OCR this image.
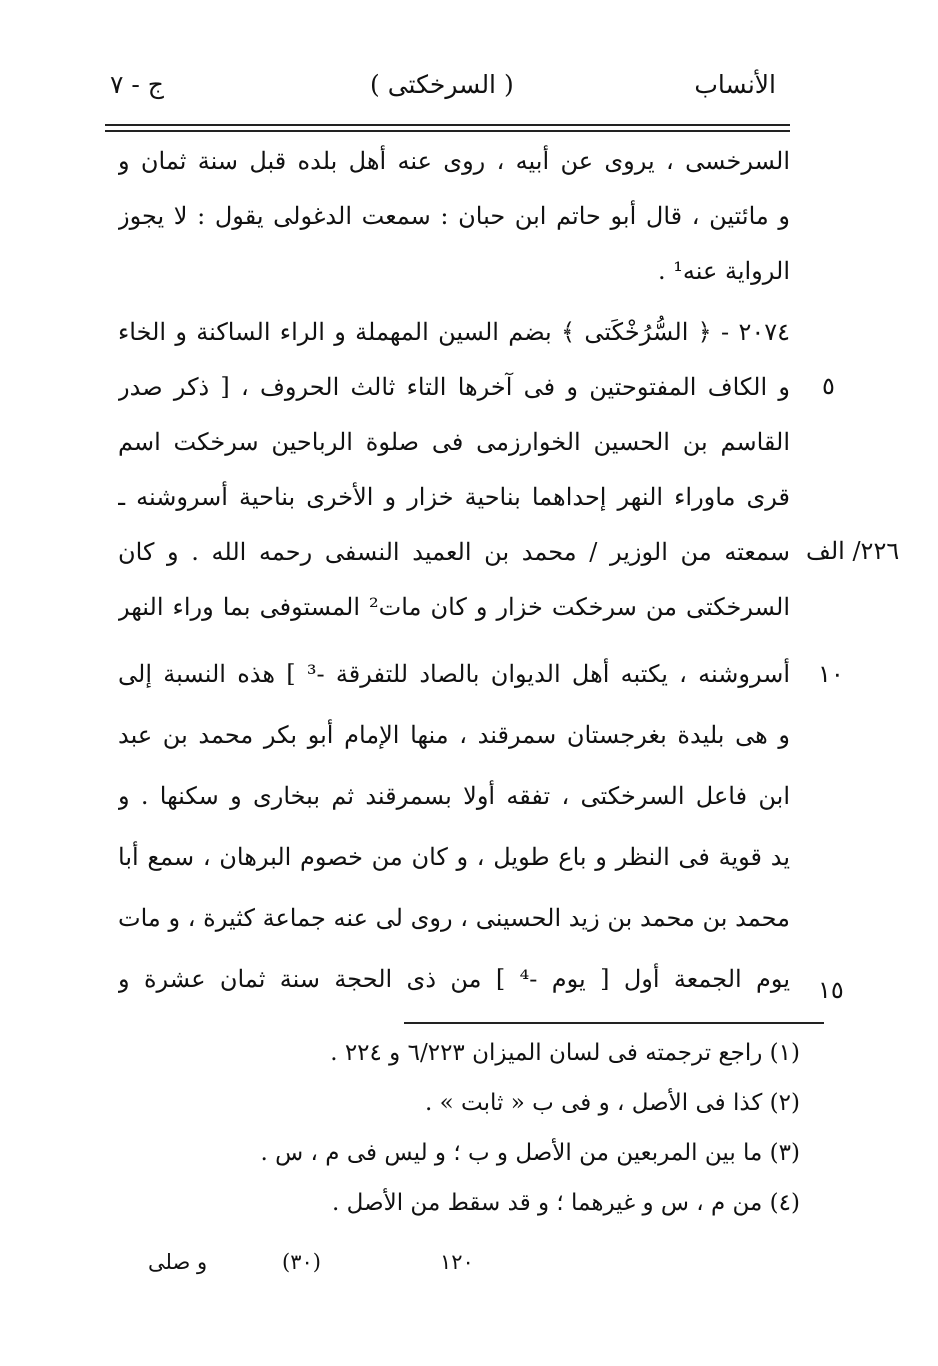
الأنساب
( السرخكتى )
ج - ٧
السرخسى ، يروى عن أبيه ، روى عنه أهل بلده قبل سنة ثمان و
و مائتين ، قال أبو حاتم ابن حبان : سمعت الدغولى يقول : لا يجوز
الرواية عنه¹ .
٢٠٧٤ - ﴿ السُّرُخْكَتى ﴾ بضم السين المهملة و الراء الساكنة و الخاء
و الكاف المفتوحتين و فى آخرها التاء ثالث الحروف ، [ ذكر صدر
القاسم بن الحسين الخوارزمى فى صلوة الرباحين سرخكت اسم
قرى ماوراء النهر إحداهما بناحية خزار و الأخرى بناحية أسروشنه ـ
سمعته من الوزير / محمد بن العميد النسفى رحمه الله . و كان
السرخكتى من سرخكت خزار و كان مات² المستوفى بما وراء النهر
أسروشنه ، يكتبه أهل الديوان بالصاد للتفرقة -³ ] هذه النسبة إلى
و هى بليدة بغرجستان سمرقند ، منها الإمام أبو بكر محمد بن عبد
ابن فاعل السرخكتى ، تفقه أولا بسمرقند ثم ببخارى و سكنها . و
يد قوية فى النظر و باع طويل ، و كان من خصوم البرهان ، سمع أبا
محمد بن محمد بن زيد الحسينى ، روى لى عنه جماعة كثيرة ، و مات
يوم الجمعة أول [ يوم -⁴ ] من ذى الحجة سنة ثمان عشرة و
٥
٢٢٦/ الف
١٠
١٥
(١) راجع ترجمته فى لسان الميزان ٦/٢٢٣ و ٢٢٤ .
(٢) كذا فى الأصل ، و فى ب « ثابت » .
(٣) ما بين المربعين من الأصل و ب ؛ و ليس فى م ، س .
(٤) من م ، س و غيرهما ؛ و قد سقط من الأصل .
١٢٠
(٣٠)
و صلى
